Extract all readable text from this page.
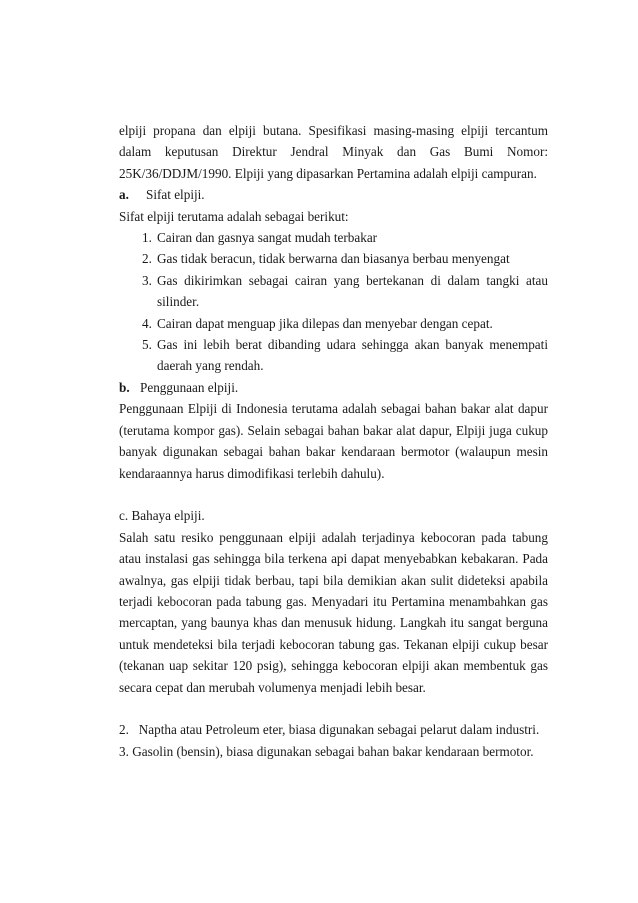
elpiji propana dan elpiji butana. Spesifikasi masing-masing elpiji tercantum dalam keputusan Direktur Jendral Minyak dan Gas Bumi Nomor: 25K/36/DDJM/1990. Elpiji yang dipasarkan Pertamina adalah elpiji campuran.

a. Sifat elpiji.

Sifat elpiji terutama adalah sebagai berikut:

1. Cairan dan gasnya sangat mudah terbakar
2. Gas tidak beracun, tidak berwarna dan biasanya berbau menyengat
3. Gas dikirimkan sebagai cairan yang bertekanan di dalam tangki atau silinder.
4. Cairan dapat menguap jika dilepas dan menyebar dengan cepat.
5. Gas ini lebih berat dibanding udara sehingga akan banyak menempati daerah yang rendah.

b. Penggunaan elpiji.

Penggunaan Elpiji di Indonesia terutama adalah sebagai bahan bakar alat dapur (terutama kompor gas). Selain sebagai bahan bakar alat dapur, Elpiji juga cukup banyak digunakan sebagai bahan bakar kendaraan bermotor (walaupun mesin kendaraannya harus dimodifikasi terlebih dahulu).

c. Bahaya elpiji.

Salah satu resiko penggunaan elpiji adalah terjadinya kebocoran pada tabung atau instalasi gas sehingga bila terkena api dapat menyebabkan kebakaran. Pada awalnya, gas elpiji tidak berbau, tapi bila demikian akan sulit dideteksi apabila terjadi kebocoran pada tabung gas. Menyadari itu Pertamina menambahkan gas mercaptan, yang baunya khas dan menusuk hidung. Langkah itu sangat berguna untuk mendeteksi bila terjadi kebocoran tabung gas. Tekanan elpiji cukup besar (tekanan uap sekitar 120 psig), sehingga kebocoran elpiji akan membentuk gas secara cepat dan merubah volumenya menjadi lebih besar.

2.   Naptha atau Petroleum eter, biasa digunakan sebagai pelarut dalam industri.

3. Gasolin (bensin), biasa digunakan sebagai bahan bakar kendaraan bermotor.
